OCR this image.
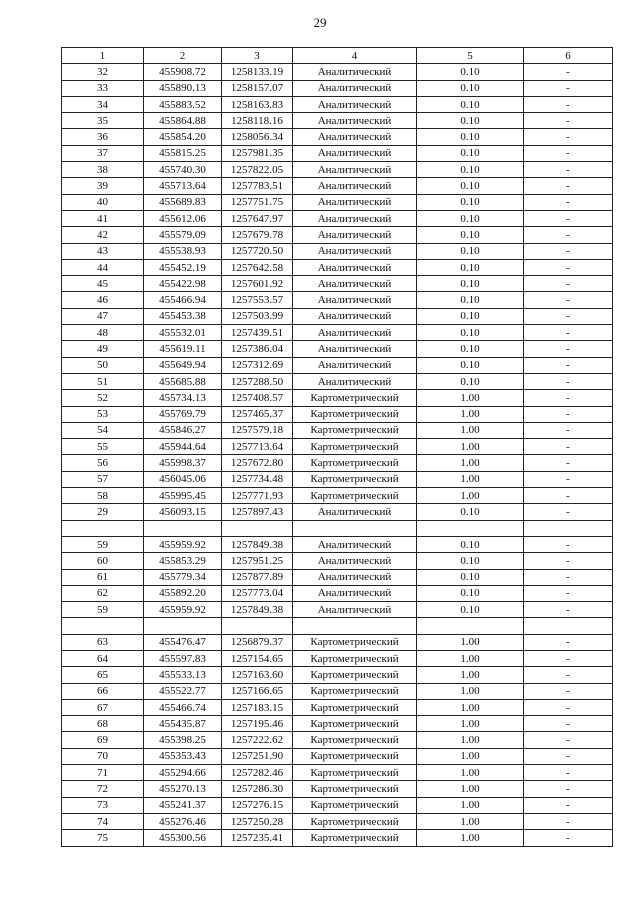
29
1	2	3	4	5	6
32	455908.72	1258133.19	Аналитический	0.10	-
33	455890.13	1258157.07	Аналитический	0.10	-
34	455883.52	1258163.83	Аналитический	0.10	-
35	455864.88	1258118.16	Аналитический	0.10	-
36	455854.20	1258056.34	Аналитический	0.10	-
37	455815.25	1257981.35	Аналитический	0.10	-
38	455740.30	1257822.05	Аналитический	0.10	-
39	455713.64	1257783.51	Аналитический	0.10	-
40	455689.83	1257751.75	Аналитический	0.10	-
41	455612.06	1257647.97	Аналитический	0.10	-
42	455579.09	1257679.78	Аналитический	0.10	-
43	455538.93	1257720.50	Аналитический	0.10	-
44	455452.19	1257642.58	Аналитический	0.10	-
45	455422.98	1257601.92	Аналитический	0.10	-
46	455466.94	1257553.57	Аналитический	0.10	-
47	455453.38	1257503.99	Аналитический	0.10	-
48	455532.01	1257439.51	Аналитический	0.10	-
49	455619.11	1257386.04	Аналитический	0.10	-
50	455649.94	1257312.69	Аналитический	0.10	-
51	455685.88	1257288.50	Аналитический	0.10	-
52	455734.13	1257408.57	Картометрический	1.00	-
53	455769.79	1257465.37	Картометрический	1.00	-
54	455846.27	1257579.18	Картометрический	1.00	-
55	455944.64	1257713.64	Картометрический	1.00	-
56	455998.37	1257672.80	Картометрический	1.00	-
57	456045.06	1257734.48	Картометрический	1.00	-
58	455995.45	1257771.93	Картометрический	1.00	-
29	456093.15	1257897.43	Аналитический	0.10	-

59	455959.92	1257849.38	Аналитический	0.10	-
60	455853.29	1257951.25	Аналитический	0.10	-
61	455779.34	1257877.89	Аналитический	0.10	-
62	455892.20	1257773.04	Аналитический	0.10	-
59	455959.92	1257849.38	Аналитический	0.10	-

63	455476.47	1256879.37	Картометрический	1.00	-
64	455597.83	1257154.65	Картометрический	1.00	-
65	455533.13	1257163.60	Картометрический	1.00	-
66	455522.77	1257166.65	Картометрический	1.00	-
67	455466.74	1257183.15	Картометрический	1.00	-
68	455435.87	1257195.46	Картометрический	1.00	-
69	455398.25	1257222.62	Картометрический	1.00	-
70	455353.43	1257251.90	Картометрический	1.00	-
71	455294.66	1257282.46	Картометрический	1.00	-
72	455270.13	1257286.30	Картометрический	1.00	-
73	455241.37	1257276.15	Картометрический	1.00	-
74	455276.46	1257250.28	Картометрический	1.00	-
75	455300.56	1257235.41	Картометрический	1.00	-
